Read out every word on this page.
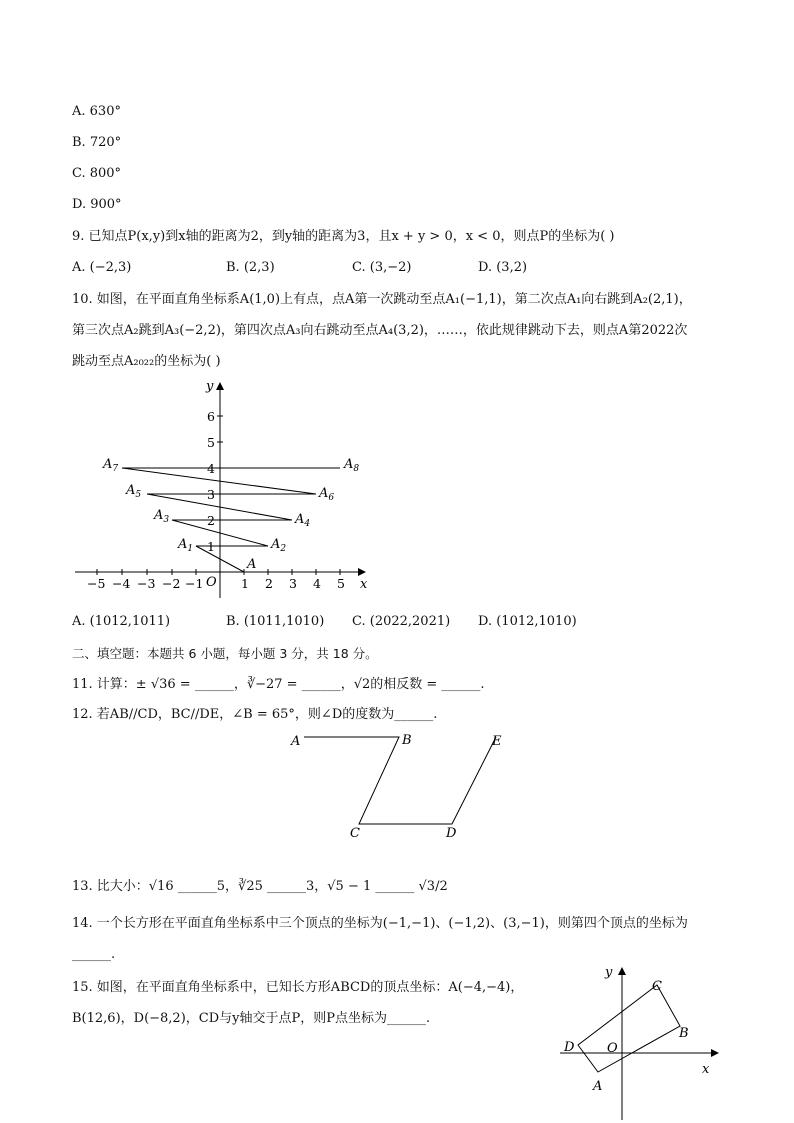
A. 630°
B. 720°
C. 800°
D. 900°
9. 已知点P(x,y)到x轴的距离为2，到y轴的距离为3，且x + y > 0，x < 0，则点P的坐标为( )
A. (−2,3)	B. (2,3)	C. (3,−2)	D. (3,2)
10. 如图，在平面直角坐标系A(1,0)上有点，点A第一次跳动至点A₁(−1,1)，第二次点A₁向右跳到A₂(2,1)，
第三次点A₂跳到A₃(−2,2)，第四次点A₃向右跳动至点A₄(3,2)，……，依此规律跳动下去，则点A第2022次
跳动至点A₂₀₂₂的坐标为( )
x
y
O
−5 −4 −3 −2 −1	1 2 3 4 5
1
2
3
4
5
6
A
$A_1$	$A_2$
$A_3$	$A_4$
$A_5$	$A_6$
$A_7$	$A_8$
A. (1012,1011)	B. (1011,1010) C. (2022,2021) D. (1012,1010)
二、填空题：本题共 6 小题，每小题 3 分，共 18 分。
11. 计算：± √36 = ______，∛−27 = ______，√2的相反数 = ______.
12. 若AB//CD，BC//DE，∠B = 65°，则∠D的度数为______.
A	B
C	D
E
13. 比大小：√16 ______5，∛25 ______3，√5 − 1 ______ √3/2
14. 一个长方形在平面直角坐标系中三个顶点的坐标为(−1,−1)、(−1,2)、(3,−1)，则第四个顶点的坐标为
______.
15. 如图，在平面直角坐标系中，已知长方形ABCD的顶点坐标：A(−4,−4)，
B(12,6)，D(−8,2)，CD与y轴交于点P，则P点坐标为______.
A
B
C
D	O
x
y
